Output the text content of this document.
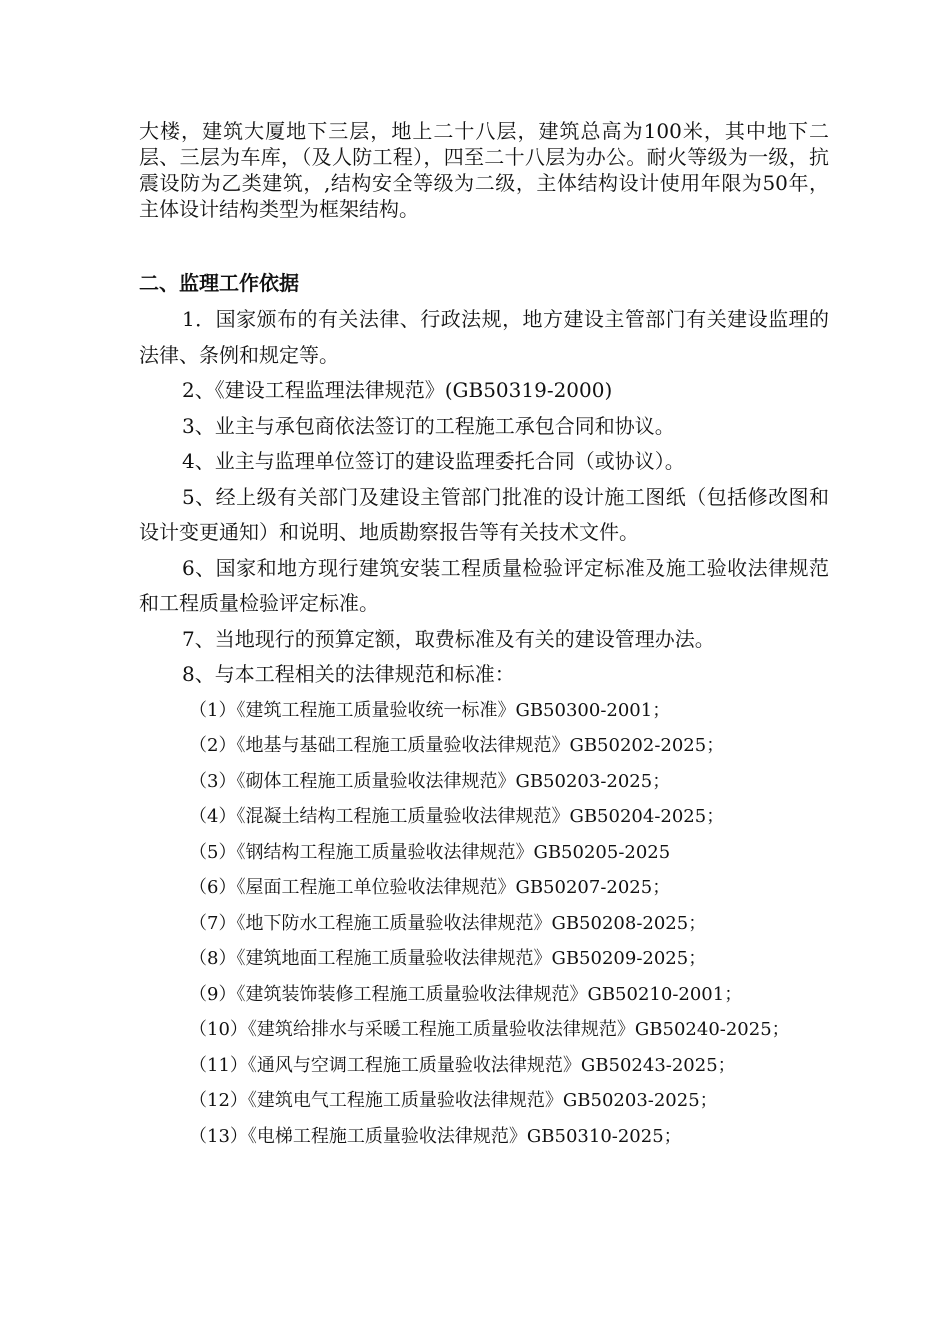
大楼，建筑大厦地下三层，地上二十八层，建筑总高为100米，其中地下二层、三层为车库，（及人防工程），四至二十八层为办公。耐火等级为一级，抗震设防为乙类建筑，,结构安全等级为二级，主体结构设计使用年限为50年，主体设计结构类型为框架结构。

二、监理工作依据

1．国家颁布的有关法律、行政法规，地方建设主管部门有关建设监理的法律、条例和规定等。

2、《建设工程监理法律规范》(GB50319-2000)

3、业主与承包商依法签订的工程施工承包合同和协议。

4、业主与监理单位签订的建设监理委托合同（或协议）。

5、经上级有关部门及建设主管部门批准的设计施工图纸（包括修改图和设计变更通知）和说明、地质勘察报告等有关技术文件。

6、国家和地方现行建筑安装工程质量检验评定标准及施工验收法律规范和工程质量检验评定标准。

7、当地现行的预算定额，取费标准及有关的建设管理办法。

8、与本工程相关的法律规范和标准：

（1）《建筑工程施工质量验收统一标准》GB50300-2001；

（2）《地基与基础工程施工质量验收法律规范》GB50202-2025；

（3）《砌体工程施工质量验收法律规范》GB50203-2025；

（4）《混凝土结构工程施工质量验收法律规范》GB50204-2025；

（5）《钢结构工程施工质量验收法律规范》GB50205-2025

（6）《屋面工程施工单位验收法律规范》GB50207-2025；

（7）《地下防水工程施工质量验收法律规范》GB50208-2025；

（8）《建筑地面工程施工质量验收法律规范》GB50209-2025；

（9）《建筑装饰装修工程施工质量验收法律规范》GB50210-2001；

（10）《建筑给排水与采暖工程施工质量验收法律规范》GB50240-2025；

（11）《通风与空调工程施工质量验收法律规范》GB50243-2025；

（12）《建筑电气工程施工质量验收法律规范》GB50203-2025；

（13）《电梯工程施工质量验收法律规范》GB50310-2025；
